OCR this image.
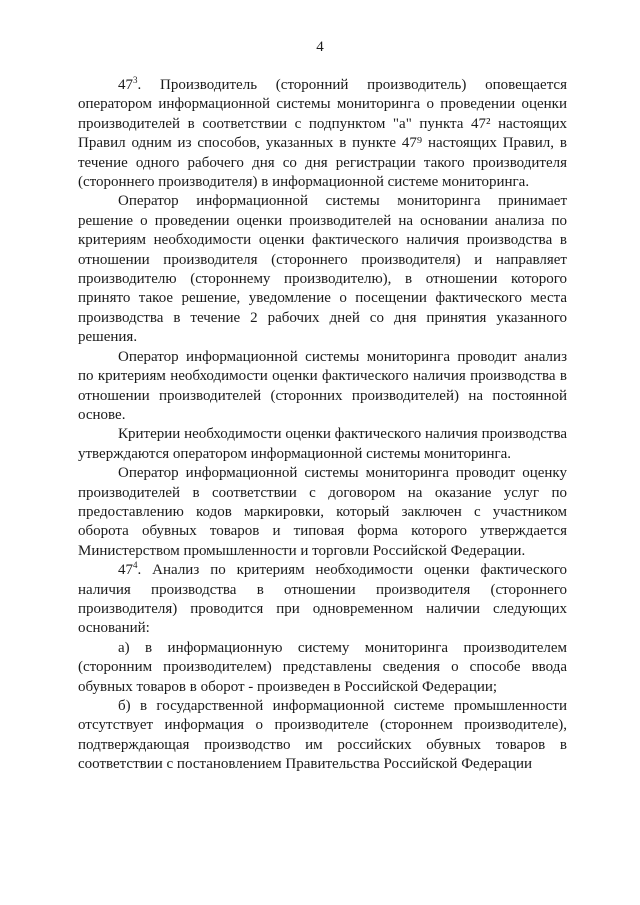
4

$47^3$. Производитель (сторонний производитель) оповещается оператором информационной системы мониторинга о проведении оценки производителей в соответствии с подпунктом "а" пункта 47² настоящих Правил одним из способов, указанных в пункте 47⁹ настоящих Правил, в течение одного рабочего дня со дня регистрации такого производителя (стороннего производителя) в информационной системе мониторинга.

Оператор информационной системы мониторинга принимает решение о проведении оценки производителей на основании анализа по критериям необходимости оценки фактического наличия производства в отношении производителя (стороннего производителя) и направляет производителю (стороннему производителю), в отношении которого принято такое решение, уведомление о посещении фактического места производства в течение 2 рабочих дней со дня принятия указанного решения.

Оператор информационной системы мониторинга проводит анализ по критериям необходимости оценки фактического наличия производства в отношении производителей (сторонних производителей) на постоянной основе.

Критерии необходимости оценки фактического наличия производства утверждаются оператором информационной системы мониторинга.

Оператор информационной системы мониторинга проводит оценку производителей в соответствии с договором на оказание услуг по предоставлению кодов маркировки, который заключен с участником оборота обувных товаров и типовая форма которого утверждается Министерством промышленности и торговли Российской Федерации.

$47^4$. Анализ по критериям необходимости оценки фактического наличия производства в отношении производителя (стороннего производителя) проводится при одновременном наличии следующих оснований:

а) в информационную систему мониторинга производителем (сторонним производителем) представлены сведения о способе ввода обувных товаров в оборот - произведен в Российской Федерации;

б) в государственной информационной системе промышленности отсутствует информация о производителе (стороннем производителе), подтверждающая производство им российских обувных товаров в соответствии с постановлением Правительства Российской Федерации
